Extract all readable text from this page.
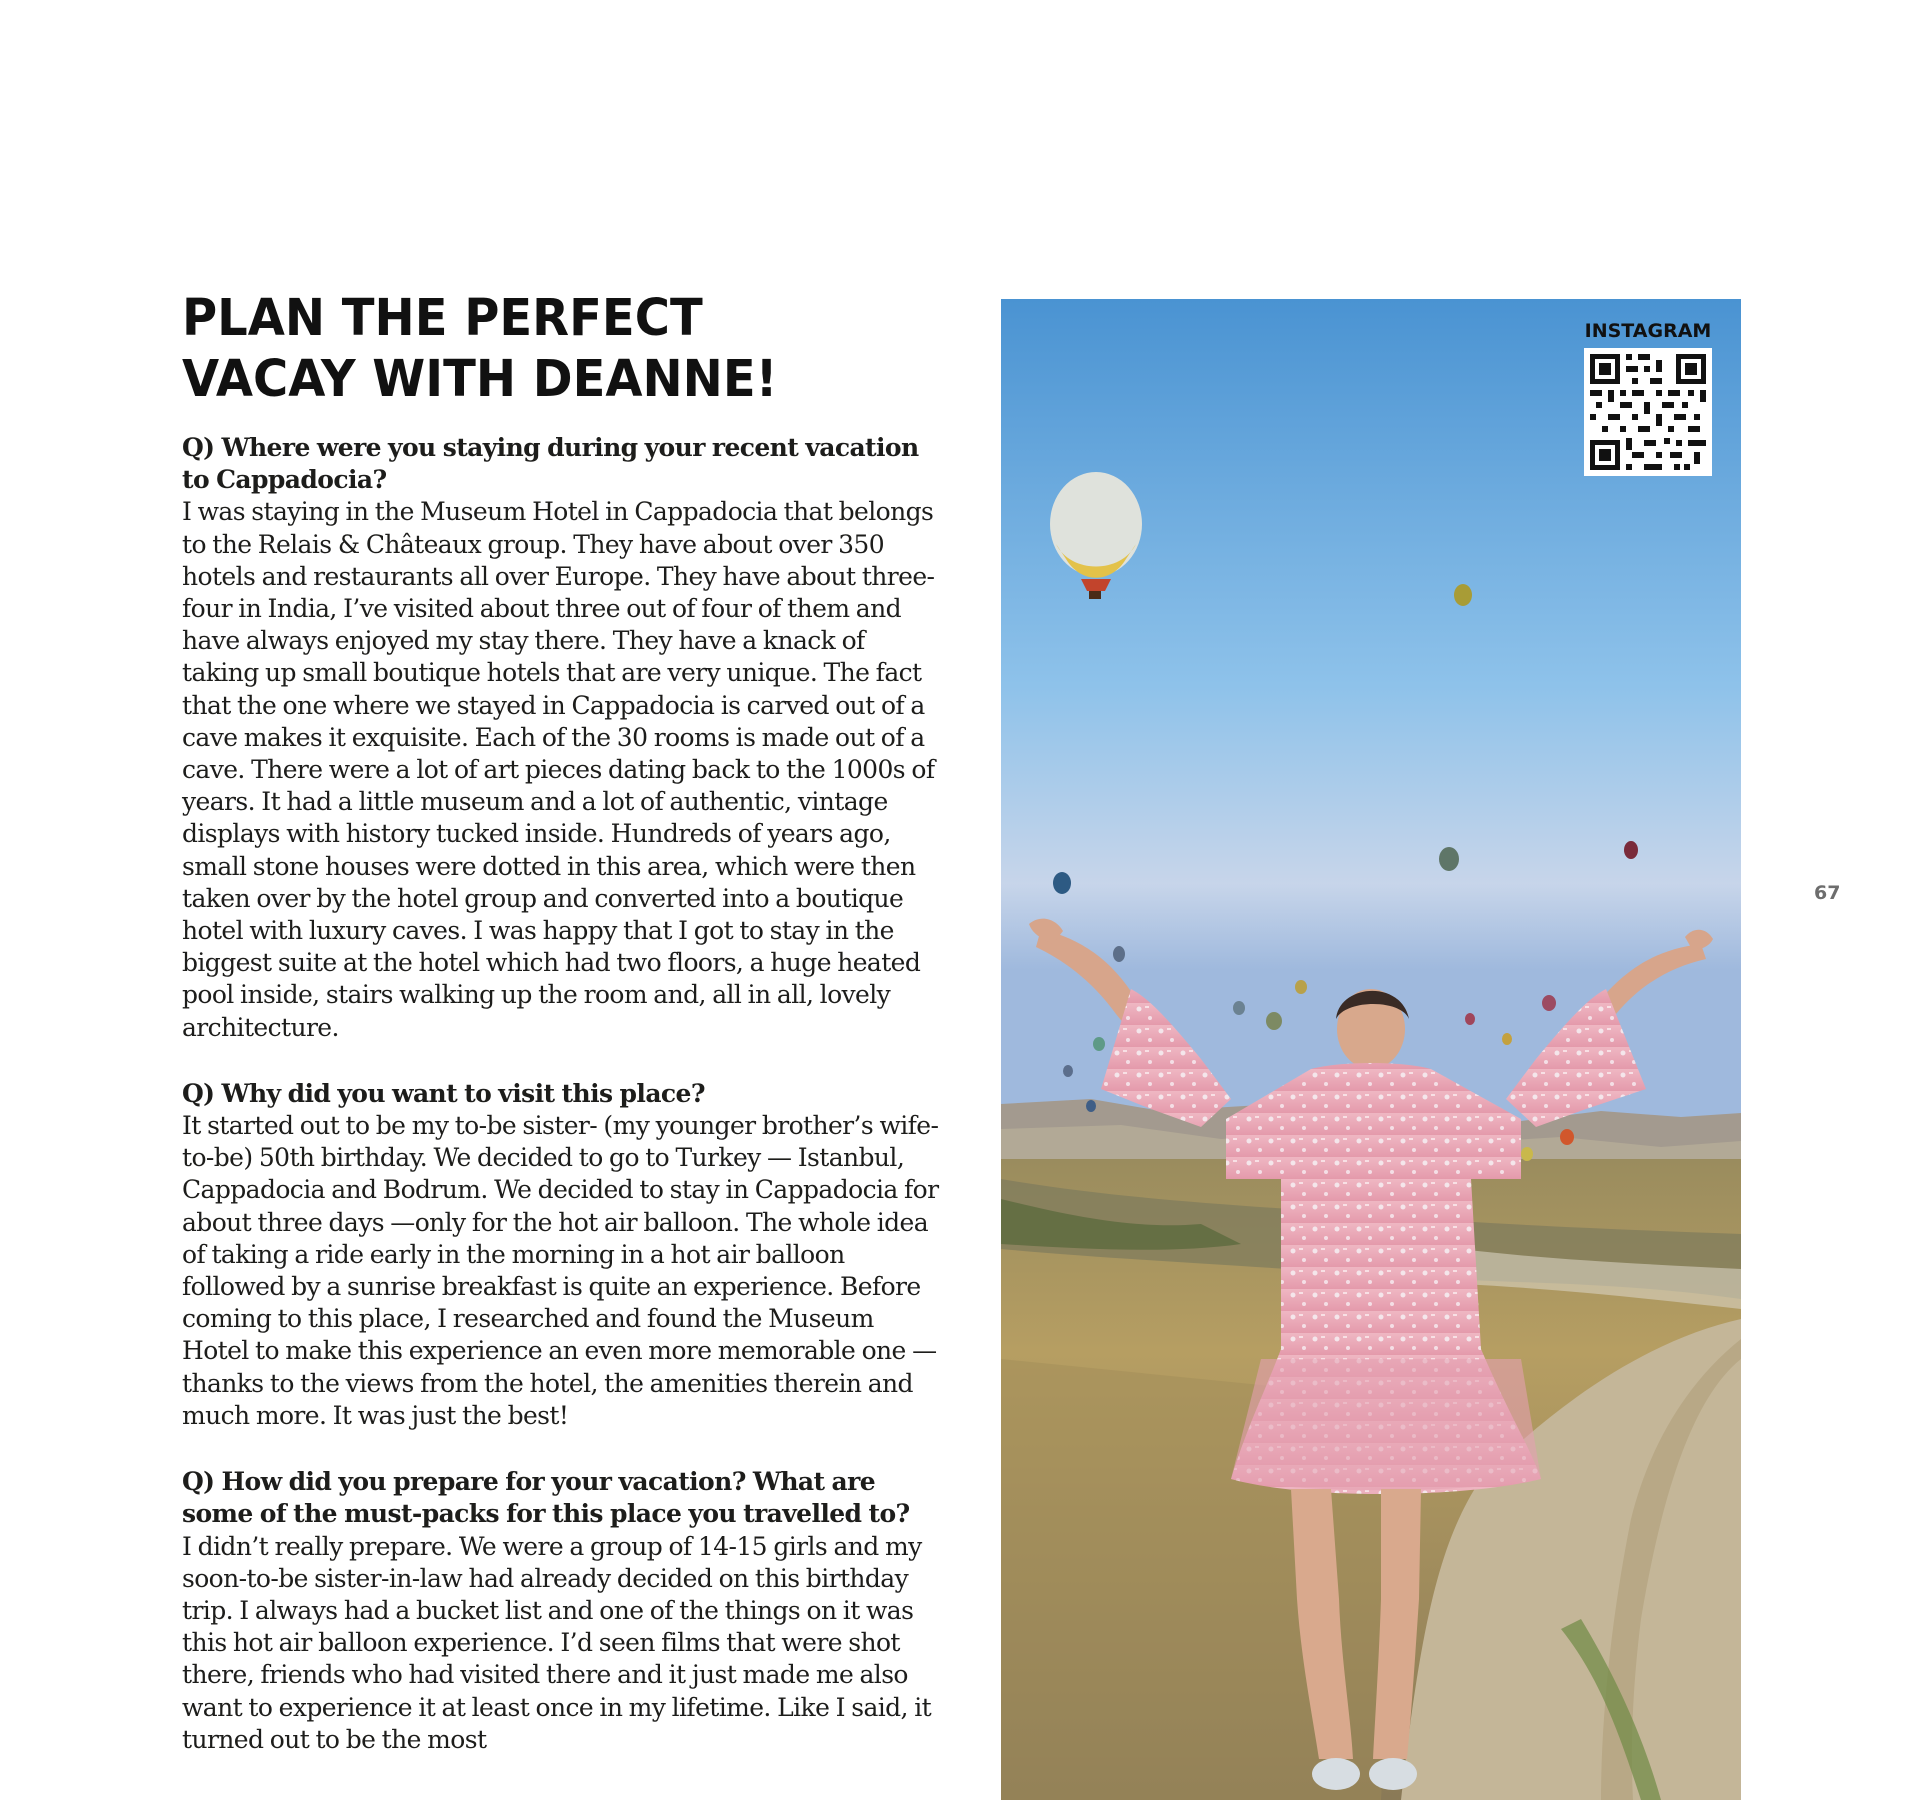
PLAN THE PERFECT
VACAY WITH DEANNE!

Q) Where were you staying during your recent vacation to Cappadocia?
I was staying in the Museum Hotel in Cappadocia that belongs to the Relais & Châteaux group. They have about over 350 hotels and restaurants all over Europe. They have about three-four in India, I’ve visited about three out of four of them and have always enjoyed my stay there. They have a knack of taking up small boutique hotels that are very unique. The fact that the one where we stayed in Cappadocia is carved out of a cave makes it exquisite. Each of the 30 rooms is made out of a cave. There were a lot of art pieces dating back to the 1000s of years. It had a little museum and a lot of authentic, vintage displays with history tucked inside. Hundreds of years ago, small stone houses were dotted in this area, which were then taken over by the hotel group and converted into a boutique hotel with luxury caves. I was happy that I got to stay in the biggest suite at the hotel which had two floors, a huge heated pool inside, stairs walking up the room and, all in all, lovely architecture.

Q) Why did you want to visit this place?
It started out to be my to-be sister- (my younger brother’s wife-to-be) 50th birthday. We decided to go to Turkey — Istanbul, Cappadocia and Bodrum. We decided to stay in Cappadocia for about three days —only for the hot air balloon. The whole idea of taking a ride early in the morning in a hot air balloon followed by a sunrise breakfast is quite an experience. Before coming to this place, I researched and found the Museum Hotel to make this experience an even more memorable one — thanks to the views from the hotel, the amenities therein and much more. It was just the best!

Q) How did you prepare for your vacation? What are some of the must-packs for this place you travelled to?
I didn’t really prepare. We were a group of 14-15 girls and my soon-to-be sister-in-law had already decided on this birthday trip. I always had a bucket list and one of the things on it was this hot air balloon experience. I’d seen films that were shot there, friends who had visited there and it just made me also want to experience it at least once in my lifetime. Like I said, it turned out to be the most

INSTAGRAM
67
